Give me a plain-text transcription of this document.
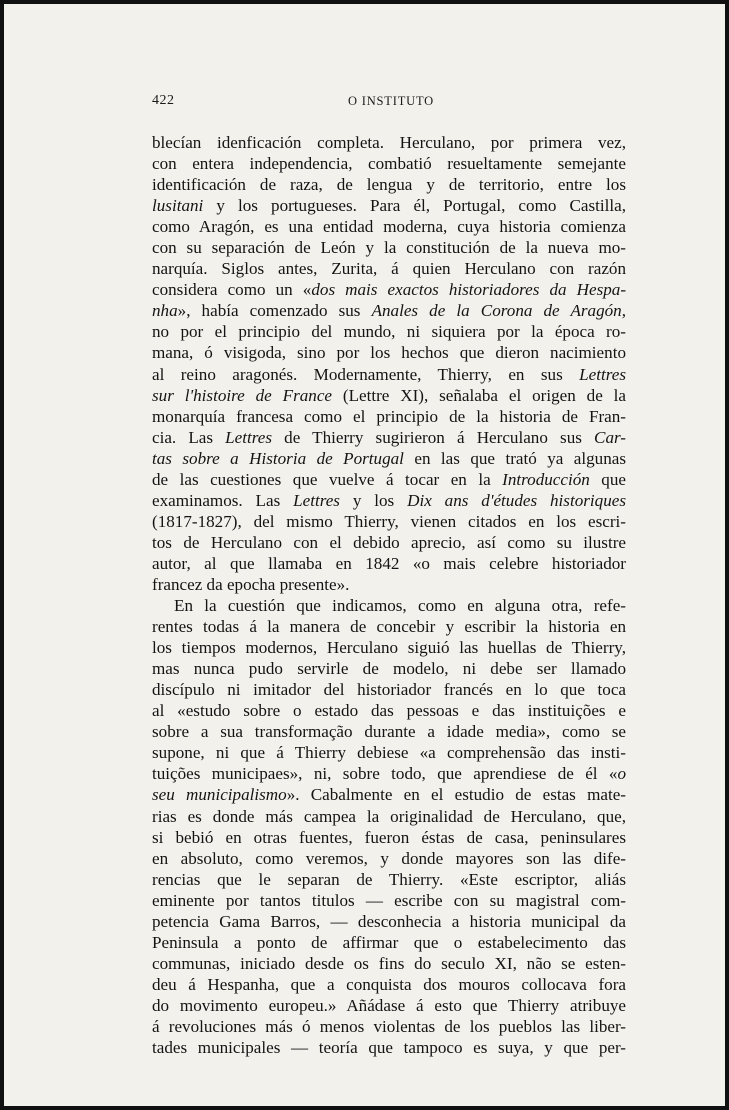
422	O INSTITUTO
blecían idenficación completa. Herculano, por primera vez,
con entera independencia, combatió resueltamente semejante
identificación de raza, de lengua y de territorio, entre los
lusitani y los portugueses. Para él, Portugal, como Castilla,
como Aragón, es una entidad moderna, cuya historia comienza
con su separación de León y la constitución de la nueva mo-
narquía. Siglos antes, Zurita, á quien Herculano con razón
considera como un «dos mais exactos historiadores da Hespa-
nha», había comenzado sus Anales de la Corona de Aragón,
no por el principio del mundo, ni siquiera por la época ro-
mana, ó visigoda, sino por los hechos que dieron nacimiento
al reino aragonés. Modernamente, Thierry, en sus Lettres
sur l'histoire de France (Lettre XI), señalaba el origen de la
monarquía francesa como el principio de la historia de Fran-
cia. Las Lettres de Thierry sugirieron á Herculano sus Car-
tas sobre a Historia de Portugal en las que trató ya algunas
de las cuestiones que vuelve á tocar en la Introducción que
examinamos. Las Lettres y los Dix ans d'études historiques
(1817-1827), del mismo Thierry, vienen citados en los escri-
tos de Herculano con el debido aprecio, así como su ilustre
autor, al que llamaba en 1842 «o mais celebre historiador
francez da epocha presente».
En la cuestión que indicamos, como en alguna otra, refe-
rentes todas á la manera de concebir y escribir la historia en
los tiempos modernos, Herculano siguió las huellas de Thierry,
mas nunca pudo servirle de modelo, ni debe ser llamado
discípulo ni imitador del historiador francés en lo que toca
al «estudo sobre o estado das pessoas e das instituições e
sobre a sua transformação durante a idade media», como se
supone, ni que á Thierry debiese «a comprehensão das insti-
tuições municipaes», ni, sobre todo, que aprendiese de él «o
seu municipalismo». Cabalmente en el estudio de estas mate-
rias es donde más campea la originalidad de Herculano, que,
si bebió en otras fuentes, fueron éstas de casa, peninsulares
en absoluto, como veremos, y donde mayores son las dife-
rencias que le separan de Thierry. «Este escriptor, aliás
eminente por tantos titulos — escribe con su magistral com-
petencia Gama Barros, — desconhecia a historia municipal da
Peninsula a ponto de affirmar que o estabelecimento das
communas, iniciado desde os fins do seculo XI, não se esten-
deu á Hespanha, que a conquista dos mouros collocava fora
do movimento europeu.» Añádase á esto que Thierry atribuye
á revoluciones más ó menos violentas de los pueblos las liber-
tades municipales — teoría que tampoco es suya, y que per-
